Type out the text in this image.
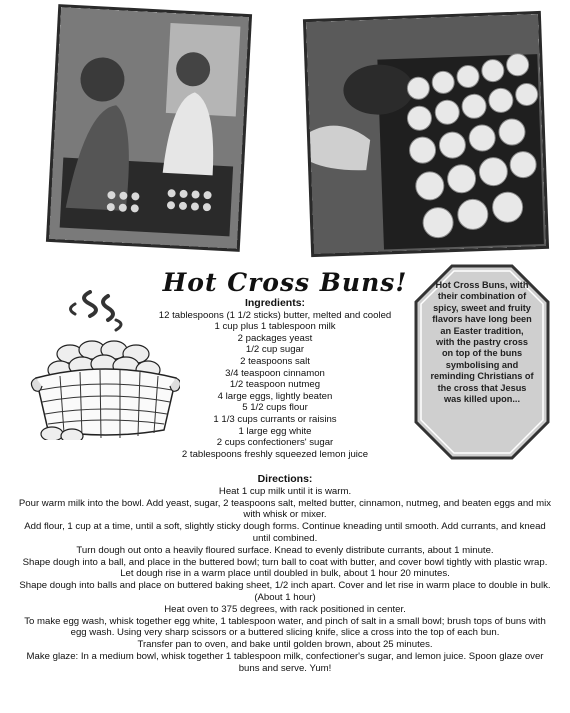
Hot Cross Buns!
Ingredients:
12 tablespoons (1 1/2 sticks) butter, melted and cooled
1 cup plus 1 tablespoon milk
2 packages yeast
1/2 cup sugar
2 teaspoons salt
3/4 teaspoon cinnamon
1/2 teaspoon nutmeg
4 large eggs, lightly beaten
5 1/2 cups flour
1 1/3 cups currants or raisins
1 large egg white
2 cups confectioners' sugar
2 tablespoons freshly squeezed lemon juice
Directions:
Heat 1 cup milk until it is warm.
Pour warm milk into the bowl. Add yeast, sugar, 2 teaspoons salt, melted butter, cinnamon, nutmeg, and beaten eggs and mix with whisk or mixer.
Add flour, 1 cup at a time, until a soft, slightly sticky dough forms. Continue kneading until smooth. Add currants, and knead until combined.
Turn dough out onto a heavily floured surface. Knead to evenly distribute currants, about 1 minute.
Shape dough into a ball, and place in the buttered bowl; turn ball to coat with butter, and cover bowl tightly with plastic wrap. Let dough rise in a warm place until doubled in bulk, about 1 hour 20 minutes.
Shape dough into balls and place on buttered baking sheet, 1/2 inch apart. Cover and let rise in warm place to double in bulk. (About 1 hour)
Heat oven to 375 degrees, with rack positioned in center.
To make egg wash, whisk together egg white, 1 tablespoon water, and pinch of salt in a small bowl; brush tops of buns with egg wash. Using very sharp scissors or a buttered slicing knife, slice a cross into the top of each bun.
Transfer pan to oven, and bake until golden brown, about 25 minutes.
Make glaze: In a medium bowl, whisk together 1 tablespoon milk, confectioner's sugar, and lemon juice. Spoon glaze over buns and serve. Yum!
Hot Cross Buns, with their combination of spicy, sweet and fruity flavors have long been an Easter tradition, with the pastry cross on top of the buns symbolising and reminding Christians of the cross that Jesus was killed upon...
